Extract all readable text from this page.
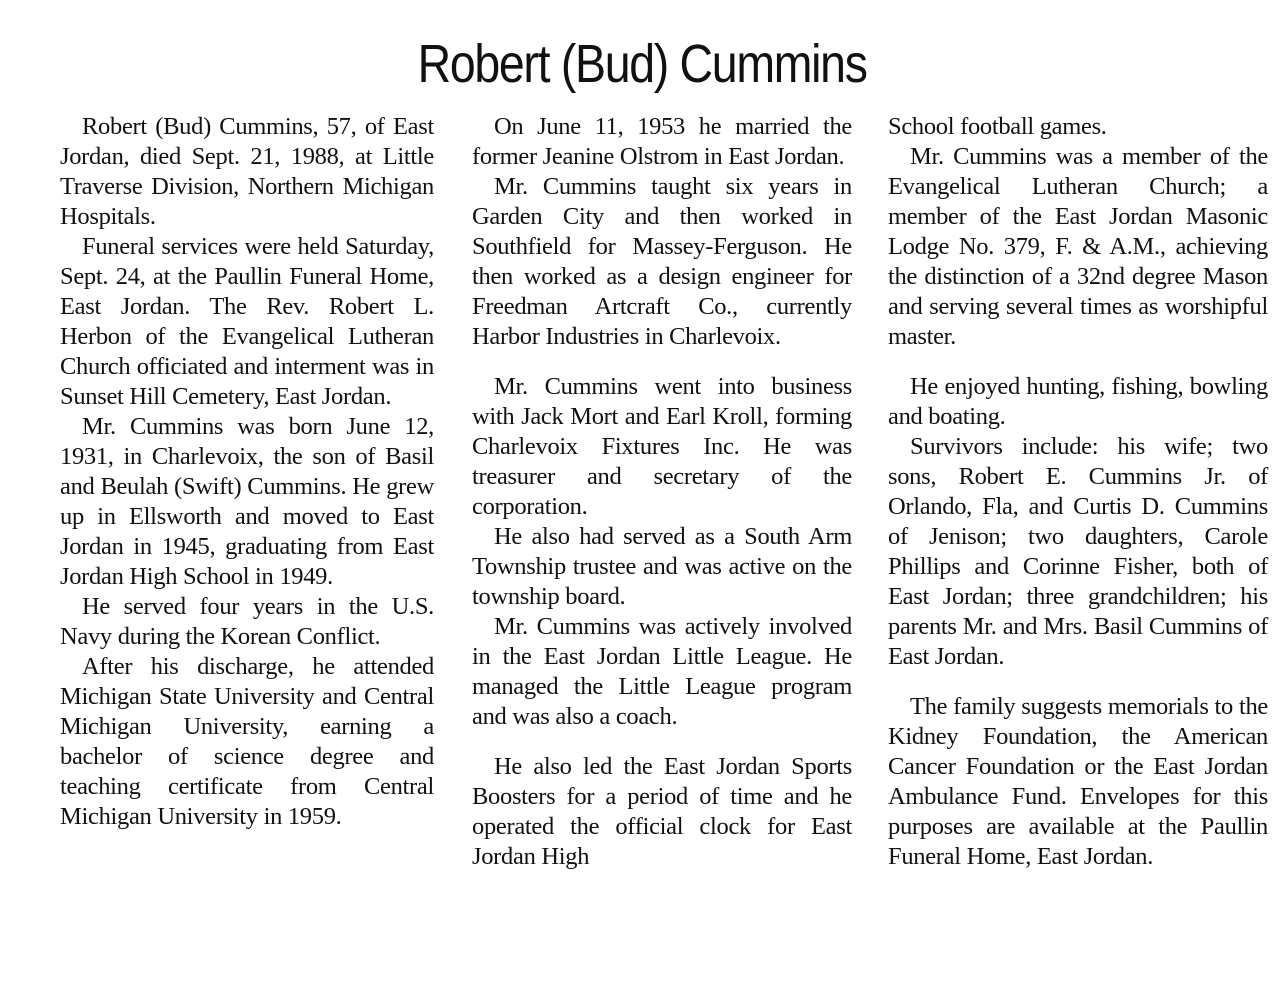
Robert (Bud) Cummins

Robert (Bud) Cummins, 57, of East Jordan, died Sept. 21, 1988, at Little Traverse Division, Northern Michigan Hospitals.

Funeral services were held Saturday, Sept. 24, at the Paullin Funeral Home, East Jordan. The Rev. Robert L. Herbon of the Evangelical Lutheran Church officiated and interment was in Sunset Hill Cemetery, East Jordan.

Mr. Cummins was born June 12, 1931, in Charlevoix, the son of Basil and Beulah (Swift) Cummins. He grew up in Ellsworth and moved to East Jordan in 1945, graduating from East Jordan High School in 1949.

He served four years in the U.S. Navy during the Korean Conflict.

After his discharge, he attended Michigan State University and Central Michigan University, earning a bachelor of science degree and teaching certificate from Central Michigan University in 1959.

On June 11, 1953 he married the former Jeanine Olstrom in East Jordan.

Mr. Cummins taught six years in Garden City and then worked in Southfield for Massey-Ferguson. He then worked as a design engineer for Freedman Artcraft Co., currently Harbor Industries in Charlevoix.

Mr. Cummins went into business with Jack Mort and Earl Kroll, forming Charlevoix Fixtures Inc. He was treasurer and secretary of the corporation.

He also had served as a South Arm Township trustee and was active on the township board.

Mr. Cummins was actively involved in the East Jordan Little League. He managed the Little League program and was also a coach.

He also led the East Jordan Sports Boosters for a period of time and he operated the official clock for East Jordan High

School football games.

Mr. Cummins was a member of the Evangelical Lutheran Church; a member of the East Jordan Masonic Lodge No. 379, F. & A.M., achieving the distinction of a 32nd degree Mason and serving several times as worshipful master.

He enjoyed hunting, fishing, bowling and boating.

Survivors include: his wife; two sons, Robert E. Cummins Jr. of Orlando, Fla, and Curtis D. Cummins of Jenison; two daughters, Carole Phillips and Corinne Fisher, both of East Jordan; three grandchildren; his parents Mr. and Mrs. Basil Cummins of East Jordan.

The family suggests memorials to the Kidney Foundation, the American Cancer Foundation or the East Jordan Ambulance Fund. Envelopes for this purposes are available at the Paullin Funeral Home, East Jordan.
